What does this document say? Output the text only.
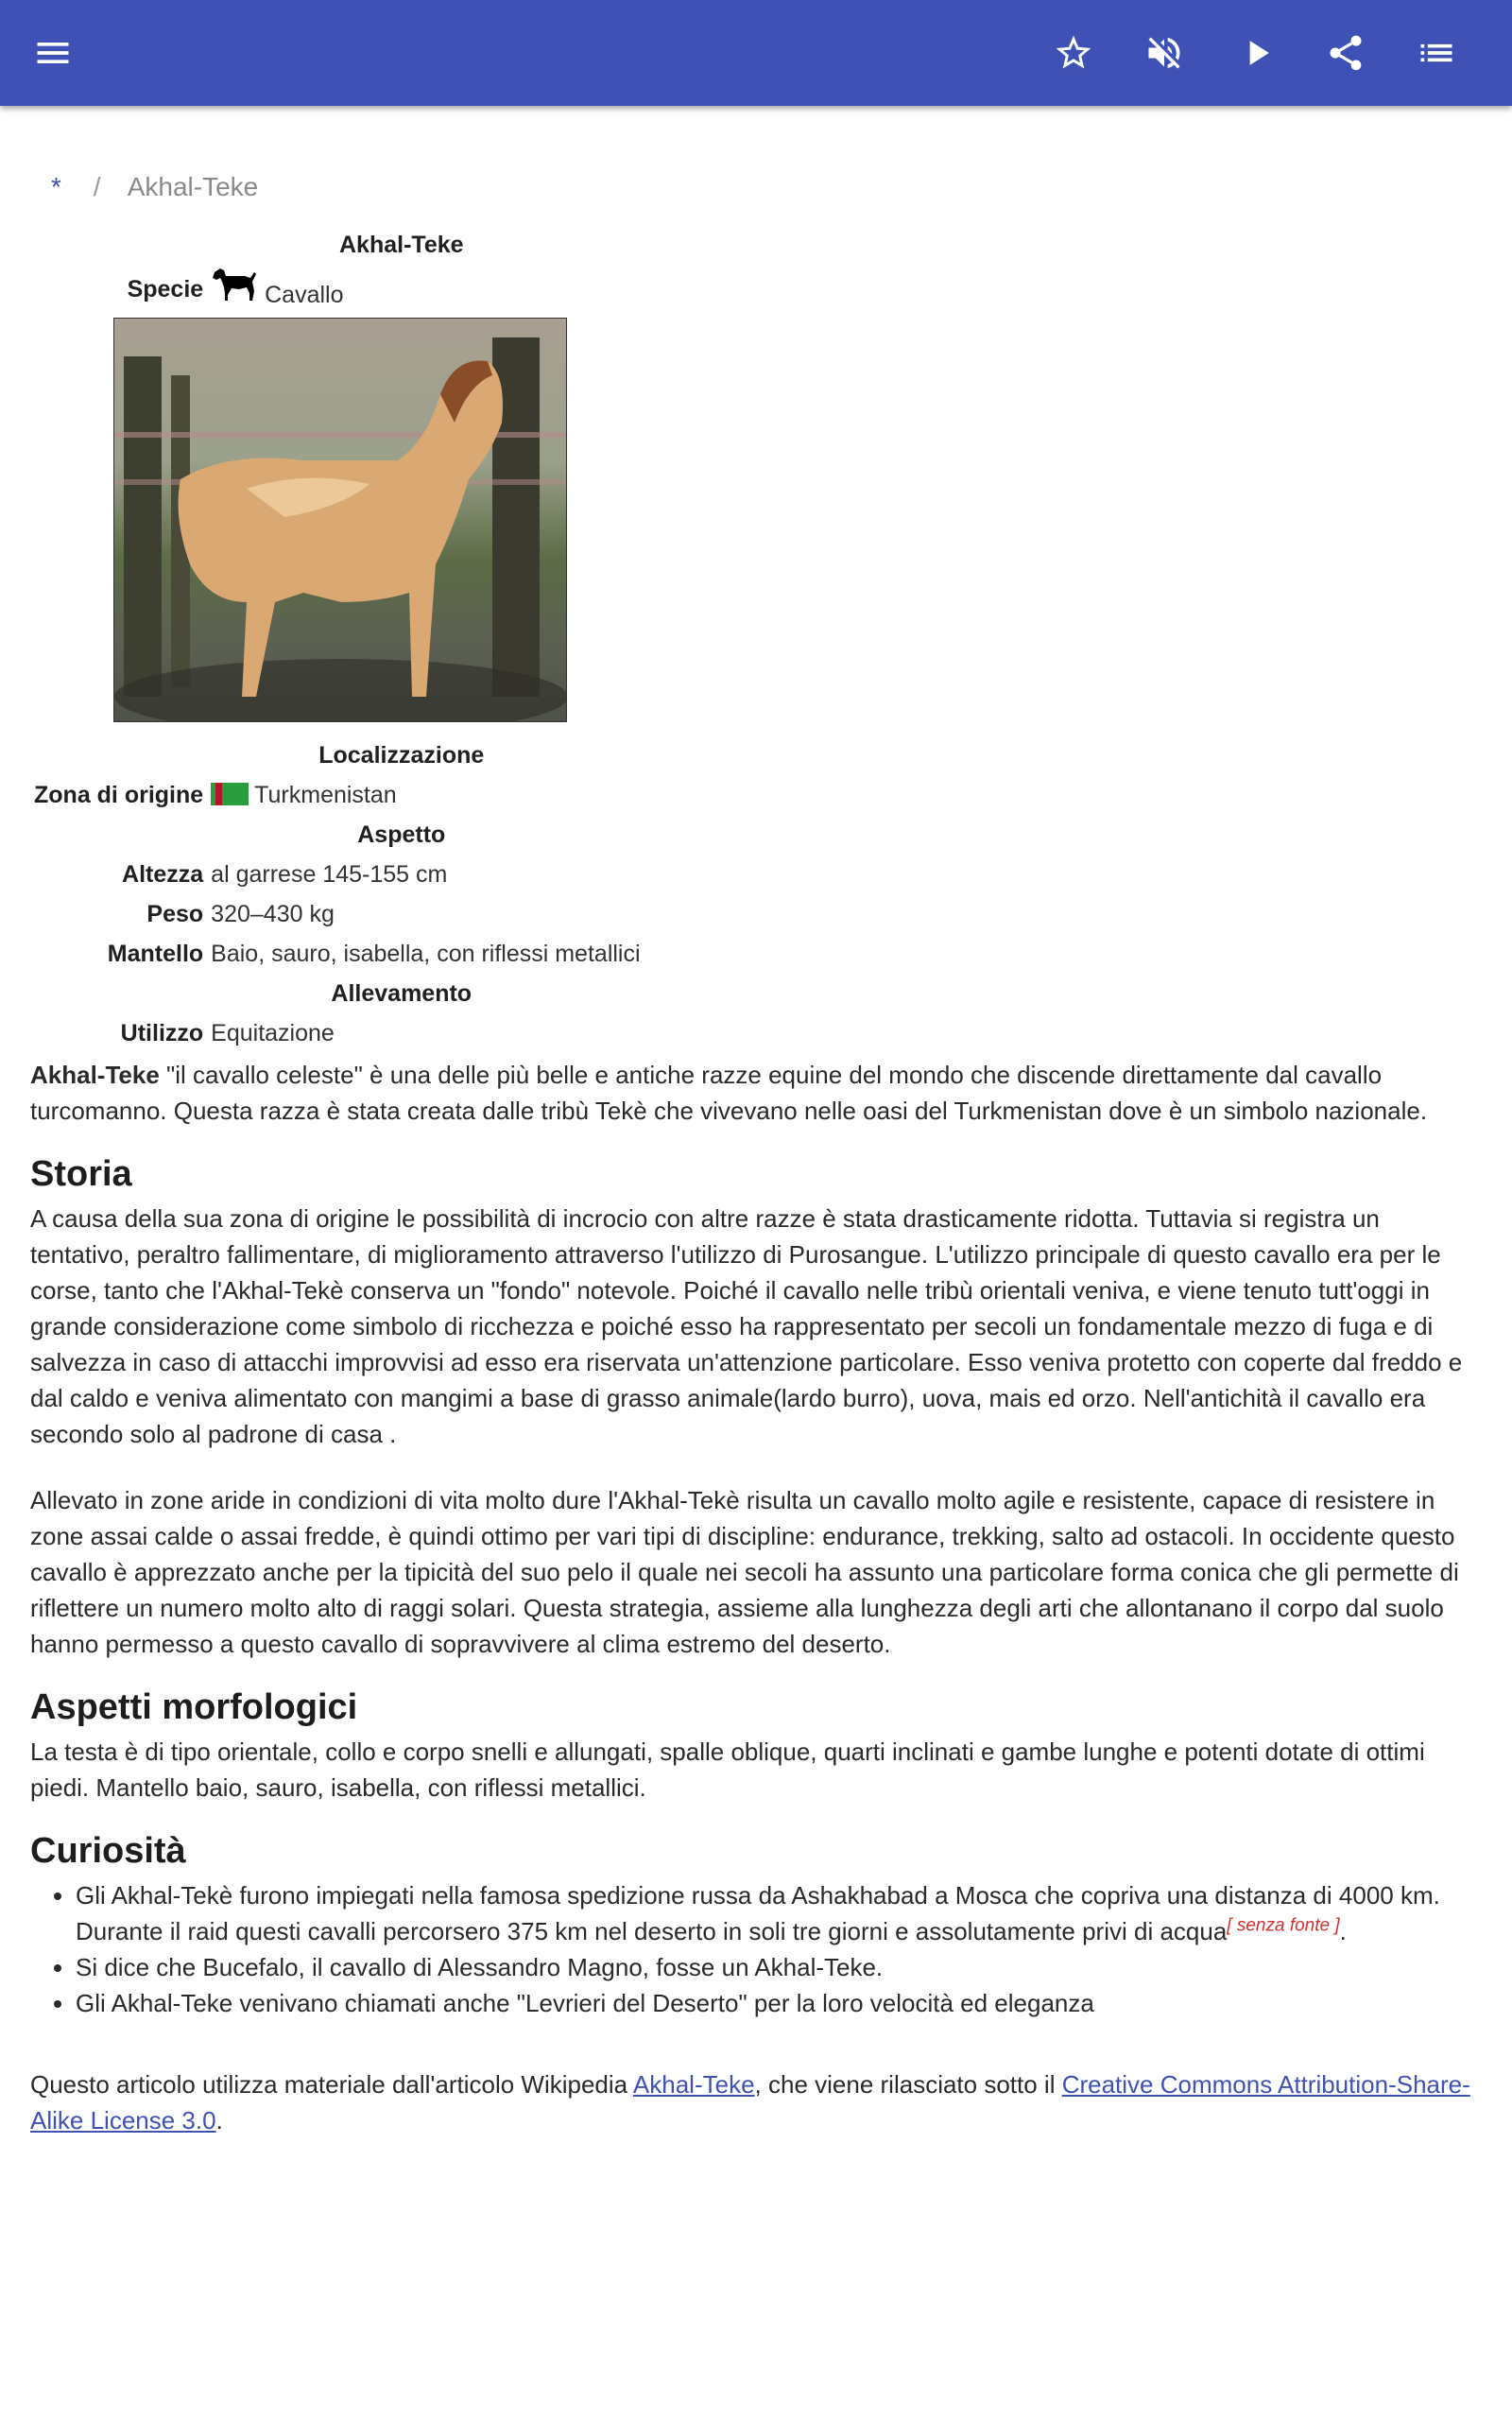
* / Akhal-Teke
Akhal-Teke	
Specie	Cavallo

Localizzazione	
Zona di origine	Turkmenistan
Aspetto	
Altezza	al garrese 145-155 cm
Peso	320–430 kg
Mantello	Baio, sauro, isabella, con riflessi metallici
Allevamento	
Utilizzo	Equitazione

Akhal-Teke "il cavallo celeste" è una delle più belle e antiche razze equine del mondo che discende direttamente dal cavallo turcomanno. Questa razza è stata creata dalle tribù Tekè che vivevano nelle oasi del Turkmenistan dove è un simbolo nazionale.

Storia

A causa della sua zona di origine le possibilità di incrocio con altre razze è stata drasticamente ridotta. Tuttavia si registra un tentativo, peraltro fallimentare, di miglioramento attraverso l'utilizzo di Purosangue. L'utilizzo principale di questo cavallo era per le corse, tanto che l'Akhal-Tekè conserva un "fondo" notevole. Poiché il cavallo nelle tribù orientali veniva, e viene tenuto tutt'oggi in grande considerazione come simbolo di ricchezza e poiché esso ha rappresentato per secoli un fondamentale mezzo di fuga e di salvezza in caso di attacchi improvvisi ad esso era riservata un'attenzione particolare. Esso veniva protetto con coperte dal freddo e dal caldo e veniva alimentato con mangimi a base di grasso animale(lardo burro), uova, mais ed orzo. Nell'antichità il cavallo era secondo solo al padrone di casa .

Allevato in zone aride in condizioni di vita molto dure l'Akhal-Tekè risulta un cavallo molto agile e resistente, capace di resistere in zone assai calde o assai fredde, è quindi ottimo per vari tipi di discipline: endurance, trekking, salto ad ostacoli. In occidente questo cavallo è apprezzato anche per la tipicità del suo pelo il quale nei secoli ha assunto una particolare forma conica che gli permette di riflettere un numero molto alto di raggi solari. Questa strategia, assieme alla lunghezza degli arti che allontanano il corpo dal suolo hanno permesso a questo cavallo di sopravvivere al clima estremo del deserto.

Aspetti morfologici

La testa è di tipo orientale, collo e corpo snelli e allungati, spalle oblique, quarti inclinati e gambe lunghe e potenti dotate di ottimi piedi. Mantello baio, sauro, isabella, con riflessi metallici.

Curiosità
• Gli Akhal-Tekè furono impiegati nella famosa spedizione russa da Ashakhabad a Mosca che copriva una distanza di 4000 km. Durante il raid questi cavalli percorsero 375 km nel deserto in soli tre giorni e assolutamente privi di acqua[ senza fonte ].
• Si dice che Bucefalo, il cavallo di Alessandro Magno, fosse un Akhal-Teke.
• Gli Akhal-Teke venivano chiamati anche "Levrieri del Deserto" per la loro velocità ed eleganza

Questo articolo utilizza materiale dall'articolo Wikipedia Akhal-Teke, che viene rilasciato sotto il Creative Commons Attribution-Share-Alike License 3.0.
